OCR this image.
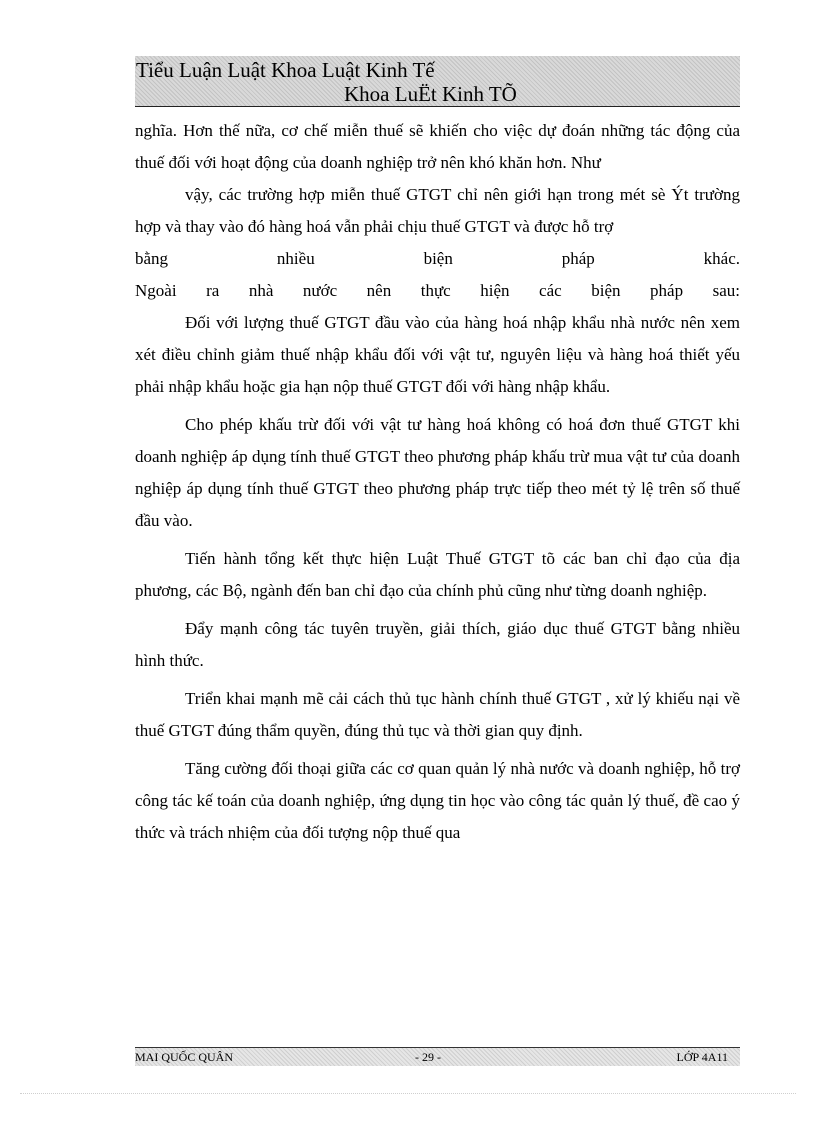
Tiểu Luận Luật Khoa Luật Kinh Tế
Khoa LuËt Kinh TÕ

nghĩa. Hơn thế nữa, cơ chế miễn thuế sẽ khiến cho việc dự đoán những tác động của thuế đối với hoạt động của doanh nghiệp trở nên khó khăn hơn. Như

vậy, các trường hợp miễn thuế GTGT chỉ nên giới hạn trong mét sè Ýt trường hợp và thay vào đó hàng hoá vẫn phải chịu thuế GTGT và được hỗ trợ

bằng nhiều biện pháp khác.
Ngoài ra nhà nước nên thực hiện các biện pháp sau:

Đối với lượng thuế GTGT đầu vào của hàng hoá nhập khẩu nhà nước nên xem xét điều chỉnh giảm thuế nhập khẩu đối với vật tư, nguyên liệu và hàng hoá thiết yếu phải nhập khẩu hoặc gia hạn nộp thuế GTGT đối với hàng nhập khẩu.

Cho phép khấu trừ đối với vật tư hàng hoá không có hoá đơn thuế GTGT khi doanh nghiệp áp dụng tính thuế GTGT theo phương pháp khấu trừ mua vật tư của doanh nghiệp áp dụng tính thuế GTGT theo phương pháp trực tiếp theo mét tỷ lệ trên số thuế đầu vào.

Tiến hành tổng kết thực hiện Luật Thuế GTGT tõ các ban chỉ đạo của địa phương, các Bộ, ngành đến ban chỉ đạo của chính phủ cũng như từng doanh nghiệp.

Đẩy mạnh công tác tuyên truyền, giải thích, giáo dục thuế GTGT bằng nhiều hình thức.

Triển khai mạnh mẽ cải cách thủ tục hành chính thuế GTGT , xử lý khiếu nại về thuế GTGT đúng thẩm quyền, đúng thủ tục và thời gian quy định.

Tăng cường đối thoại giữa các cơ quan quản lý nhà nước và doanh nghiệp, hỗ trợ công tác kế toán của doanh nghiệp, ứng dụng tin học vào công tác quản lý thuế, đề cao ý thức và trách nhiệm của đối tượng nộp thuế qua

MAI QUỐC QUÂN	- 29 -	LỚP 4A11
